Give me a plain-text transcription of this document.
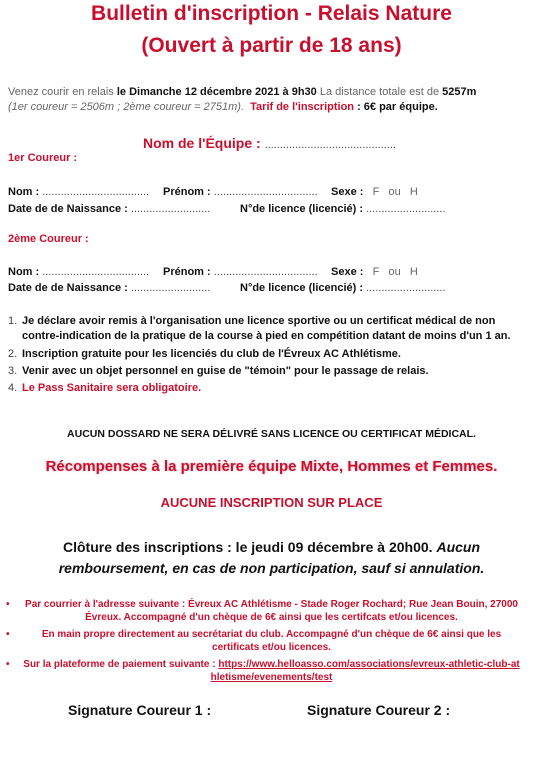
Bulletin d'inscription - Relais Nature
(Ouvert à partir de 18 ans)
Venez courir en relais le Dimanche 12 décembre 2021 à 9h30 La distance totale est de 5257m
(1er coureur = 2506m ; 2ème coureur = 2751m). Tarif de l'inscription : 6€ par équipe.
Nom de l'Équipe : ...........................................
1er Coureur :
Nom : ................................... Prénom : .................................. Sexe : F ou H
Date de de Naissance : ..........................	N°de licence (licencié) : ..........................
2ème Coureur :
Nom : ................................... Prénom : .................................. Sexe : F ou H
Date de de Naissance : ..........................	N°de licence (licencié) : ..........................
1. Je déclare avoir remis à l'organisation une licence sportive ou un certificat médical de non contre-indication de la pratique de la course à pied en compétition datant de moins d'un 1 an.
2. Inscription gratuite pour les licenciés du club de l'Évreux AC Athlétisme.
3. Venir avec un objet personnel en guise de "témoin" pour le passage de relais.
4. Le Pass Sanitaire sera obligatoire.
AUCUN DOSSARD NE SERA DÉLIVRÉ SANS LICENCE OU CERTIFICAT MÉDICAL.
Récompenses à la première équipe Mixte, Hommes et Femmes.
AUCUNE INSCRIPTION SUR PLACE
Clôture des inscriptions : le jeudi 09 décembre à 20h00. Aucun remboursement, en cas de non participation, sauf si annulation.
• Par courrier à l'adresse suivante : Évreux AC Athlétisme - Stade Roger Rochard; Rue Jean Bouin, 27000 Évreux. Accompagné d'un chèque de 6€ ainsi que les certifcats et/ou licences.
•	En main propre directement au secrétariat du club. Accompagné d'un chèque de 6€ ainsi que les certificats et/ou licences.
• Sur la plateforme de paiement suivante : https://www.helloasso.com/associations/evreux-athletic-club-athletisme/evenements/test
Signature Coureur 1 :	Signature Coureur 2 :
